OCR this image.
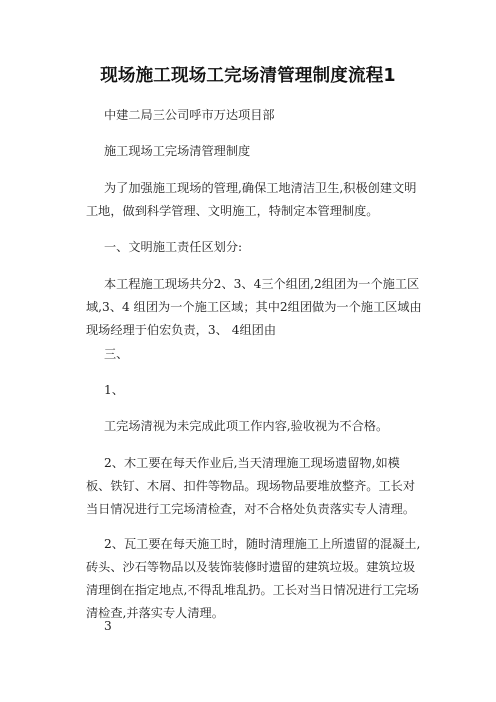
现场施工现场工完场清管理制度流程1
中建二局三公司呼市万达项目部
施工现场工完场清管理制度
为了加强施工现场的管理,确保工地清洁卫生,积极创建文明工地，做到科学管理、文明施工，特制定本管理制度。
一、文明施工责任区划分:
本工程施工现场共分2、3、4三个组团,2组团为一个施工区域,3、4 组团为一个施工区域；其中2组团做为一个施工区域由现场经理于伯宏负责，3、 4组团由
三、
1、
工完场清视为未完成此项工作内容,验收视为不合格。
2、木工要在每天作业后,当天清理施工现场遗留物,如模板、铁钉、木屑、扣件等物品。现场物品要堆放整齐。工长对当日情况进行工完场清检查，对不合格处负责落实专人清理。
2、瓦工要在每天施工时，随时清理施工上所遗留的混凝土,砖头、沙石等物品以及装饰装修时遗留的建筑垃圾。建筑垃圾清理倒在指定地点,不得乱堆乱扔。工长对当日情况进行工完场清检查,并落实专人清理。
3
